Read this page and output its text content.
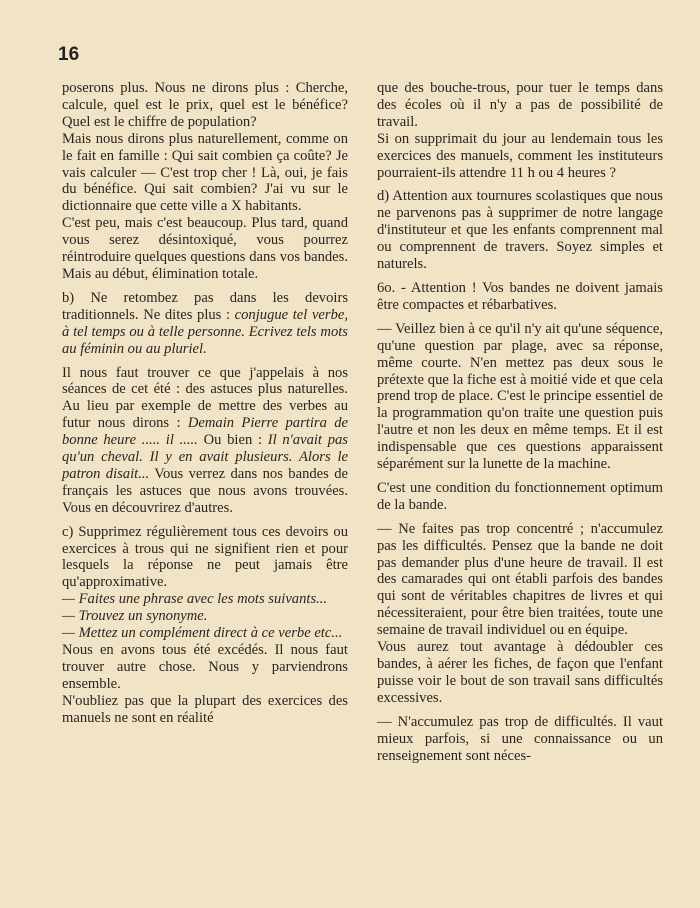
16

poserons plus. Nous ne dirons plus : Cherche, calcule, quel est le prix, quel est le bénéfice? Quel est le chiffre de population?

Mais nous dirons plus naturellement, comme on le fait en famille : Qui sait combien ça coûte? Je vais calculer — C'est trop cher ! Là, oui, je fais du bénéfice. Qui sait combien? J'ai vu sur le dictionnaire que cette ville a X habitants.

C'est peu, mais c'est beaucoup. Plus tard, quand vous serez désintoxiqué, vous pourrez réintroduire quelques questions dans vos bandes. Mais au début, élimination totale.

b) Ne retombez pas dans les devoirs traditionnels. Ne dites plus : conjugue tel verbe, à tel temps ou à telle personne. Ecrivez tels mots au féminin ou au pluriel.

Il nous faut trouver ce que j'appelais à nos séances de cet été : des astuces plus naturelles. Au lieu par exemple de mettre des verbes au futur nous dirons : Demain Pierre partira de bonne heure ..... il ..... Ou bien : Il n'avait pas qu'un cheval. Il y en avait plusieurs. Alors le patron disait... Vous verrez dans nos bandes de français les astuces que nous avons trouvées. Vous en découvrirez d'autres.

c) Supprimez régulièrement tous ces devoirs ou exercices à trous qui ne signifient rien et pour lesquels la réponse ne peut jamais être qu'approximative.

— Faites une phrase avec les mots suivants...

— Trouvez un synonyme.

— Mettez un complément direct à ce verbe etc...

Nous en avons tous été excédés. Il nous faut trouver autre chose. Nous y parviendrons ensemble.

N'oubliez pas que la plupart des exercices des manuels ne sont en réalité

que des bouche-trous, pour tuer le temps dans des écoles où il n'y a pas de possibilité de travail.

Si on supprimait du jour au lendemain tous les exercices des manuels, comment les instituteurs pourraient-ils attendre 11 h ou 4 heures ?

d) Attention aux tournures scolastiques que nous ne parvenons pas à supprimer de notre langage d'instituteur et que les enfants comprennent mal ou comprennent de travers. Soyez simples et naturels.

6o. - Attention ! Vos bandes ne doivent jamais être compactes et rébarbatives.

— Veillez bien à ce qu'il n'y ait qu'une séquence, qu'une question par plage, avec sa réponse, même courte. N'en mettez pas deux sous le prétexte que la fiche est à moitié vide et que cela prend trop de place. C'est le principe essentiel de la programmation qu'on traite une question puis l'autre et non les deux en même temps. Et il est indispensable que ces questions apparaissent séparément sur la lunette de la machine.

C'est une condition du fonctionnement optimum de la bande.

— Ne faites pas trop concentré ; n'accumulez pas les difficultés. Pensez que la bande ne doit pas demander plus d'une heure de travail. Il est des camarades qui ont établi parfois des bandes qui sont de véritables chapitres de livres et qui nécessiteraient, pour être bien traitées, toute une semaine de travail individuel ou en équipe.

Vous aurez tout avantage à dédoubler ces bandes, à aérer les fiches, de façon que l'enfant puisse voir le bout de son travail sans difficultés excessives.

— N'accumulez pas trop de difficultés. Il vaut mieux parfois, si une connaissance ou un renseignement sont néces-
